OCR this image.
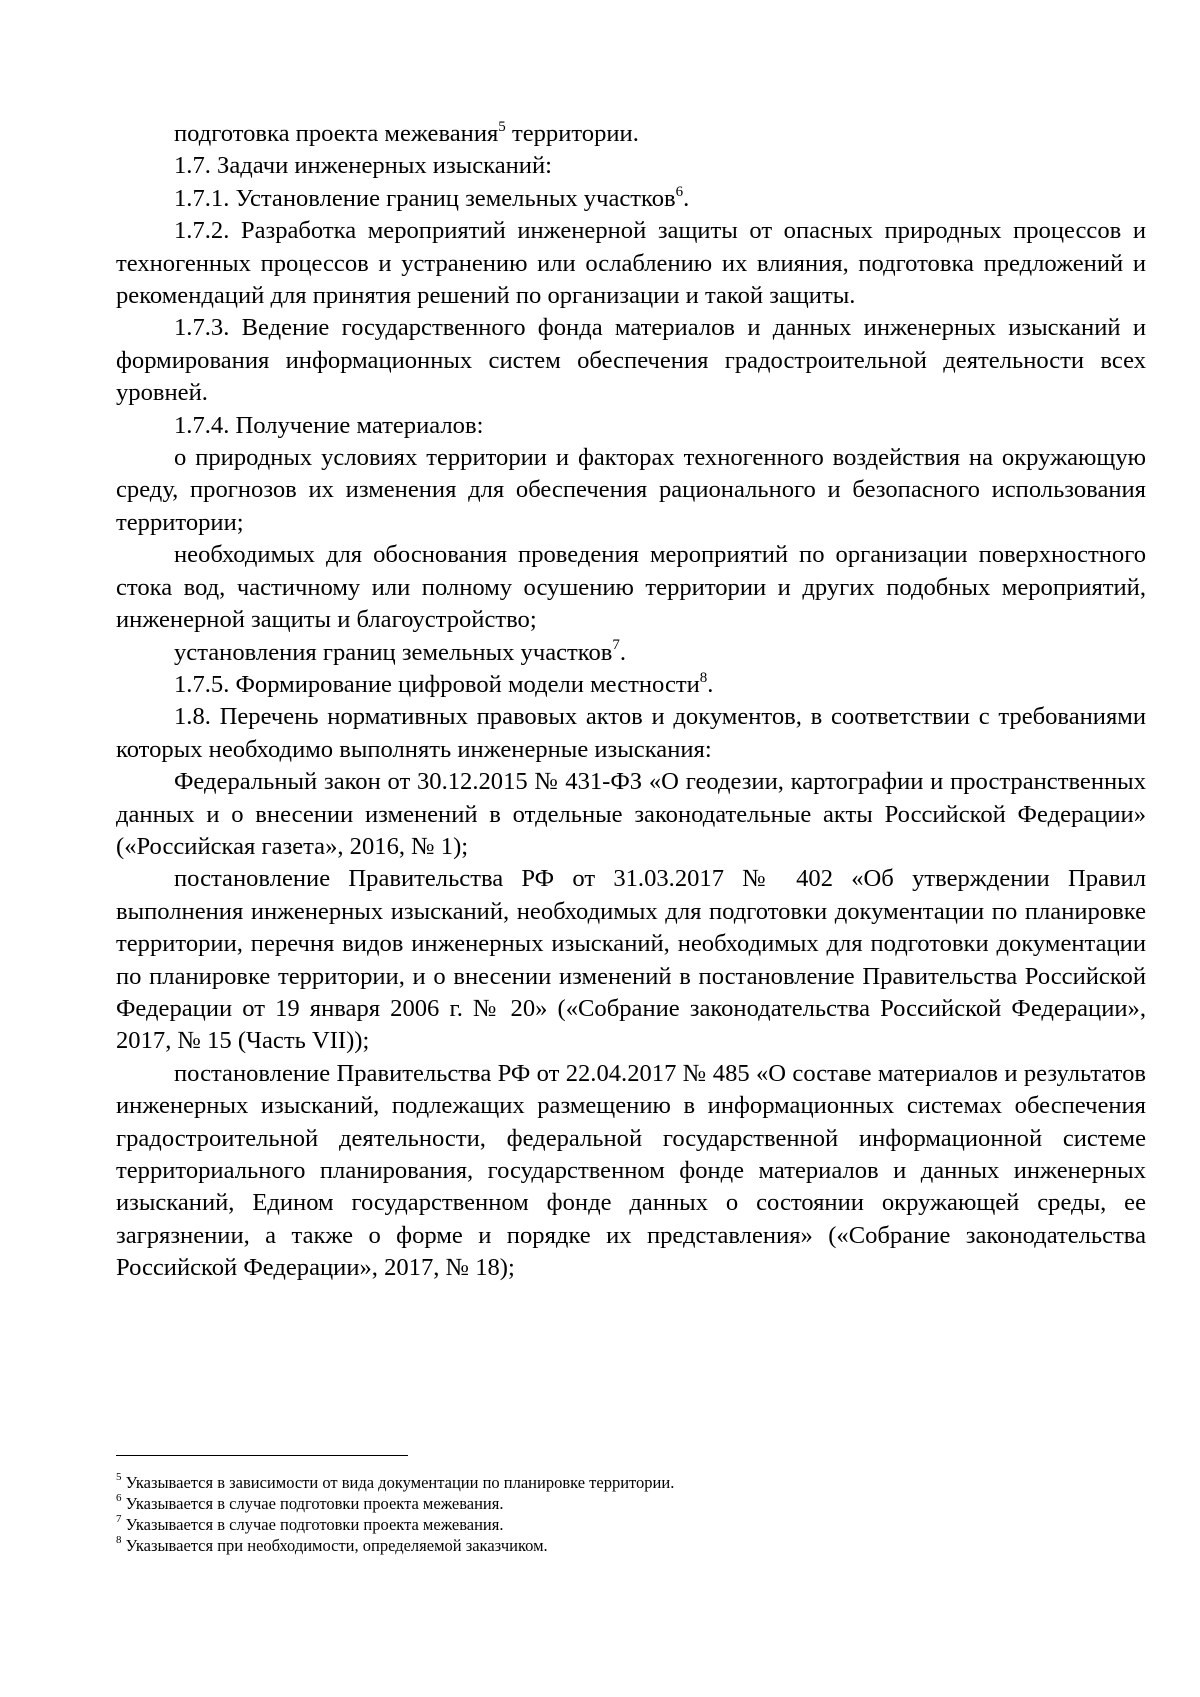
подготовка проекта межевания$^5$ территории.

1.7. Задачи инженерных изысканий:

1.7.1. Установление границ земельных участков$^6$.

1.7.2. Разработка мероприятий инженерной защиты от опасных природных процессов и техногенных процессов и устранению или ослаблению их влияния, подготовка предложений и рекомендаций для принятия решений по организации и такой защиты.

1.7.3. Ведение государственного фонда материалов и данных инженерных изысканий и формирования информационных систем обеспечения градостроительной деятельности всех уровней.

1.7.4. Получение материалов:

о природных условиях территории и факторах техногенного воздействия на окружающую среду, прогнозов их изменения для обеспечения рационального и безопасного использования территории;

необходимых для обоснования проведения мероприятий по организации поверхностного стока вод, частичному или полному осушению территории и других подобных мероприятий, инженерной защиты и благоустройство;

установления границ земельных участков$^7$.

1.7.5. Формирование цифровой модели местности$^8$.

1.8. Перечень нормативных правовых актов и документов, в соответствии с требованиями которых необходимо выполнять инженерные изыскания:

Федеральный закон от 30.12.2015 № 431-ФЗ «О геодезии, картографии и пространственных данных и о внесении изменений в отдельные законодательные акты Российской Федерации» («Российская газета», 2016, № 1);

постановление Правительства РФ от 31.03.2017 № 402 «Об утверждении Правил выполнения инженерных изысканий, необходимых для подготовки документации по планировке территории, перечня видов инженерных изысканий, необходимых для подготовки документации по планировке территории, и о внесении изменений в постановление Правительства Российской Федерации от 19 января 2006 г. № 20» («Собрание законодательства Российской Федерации», 2017, № 15 (Часть VII));

постановление Правительства РФ от 22.04.2017 № 485 «О составе материалов и результатов инженерных изысканий, подлежащих размещению в информационных системах обеспечения градостроительной деятельности, федеральной государственной информационной системе территориального планирования, государственном фонде материалов и данных инженерных изысканий, Едином государственном фонде данных о состоянии окружающей среды, ее загрязнении, а также о форме и порядке их представления» («Собрание законодательства Российской Федерации», 2017, № 18);

$^5$ Указывается в зависимости от вида документации по планировке территории.
$^6$ Указывается в случае подготовки проекта межевания.
$^7$ Указывается в случае подготовки проекта межевания.
$^8$ Указывается при необходимости, определяемой заказчиком.
